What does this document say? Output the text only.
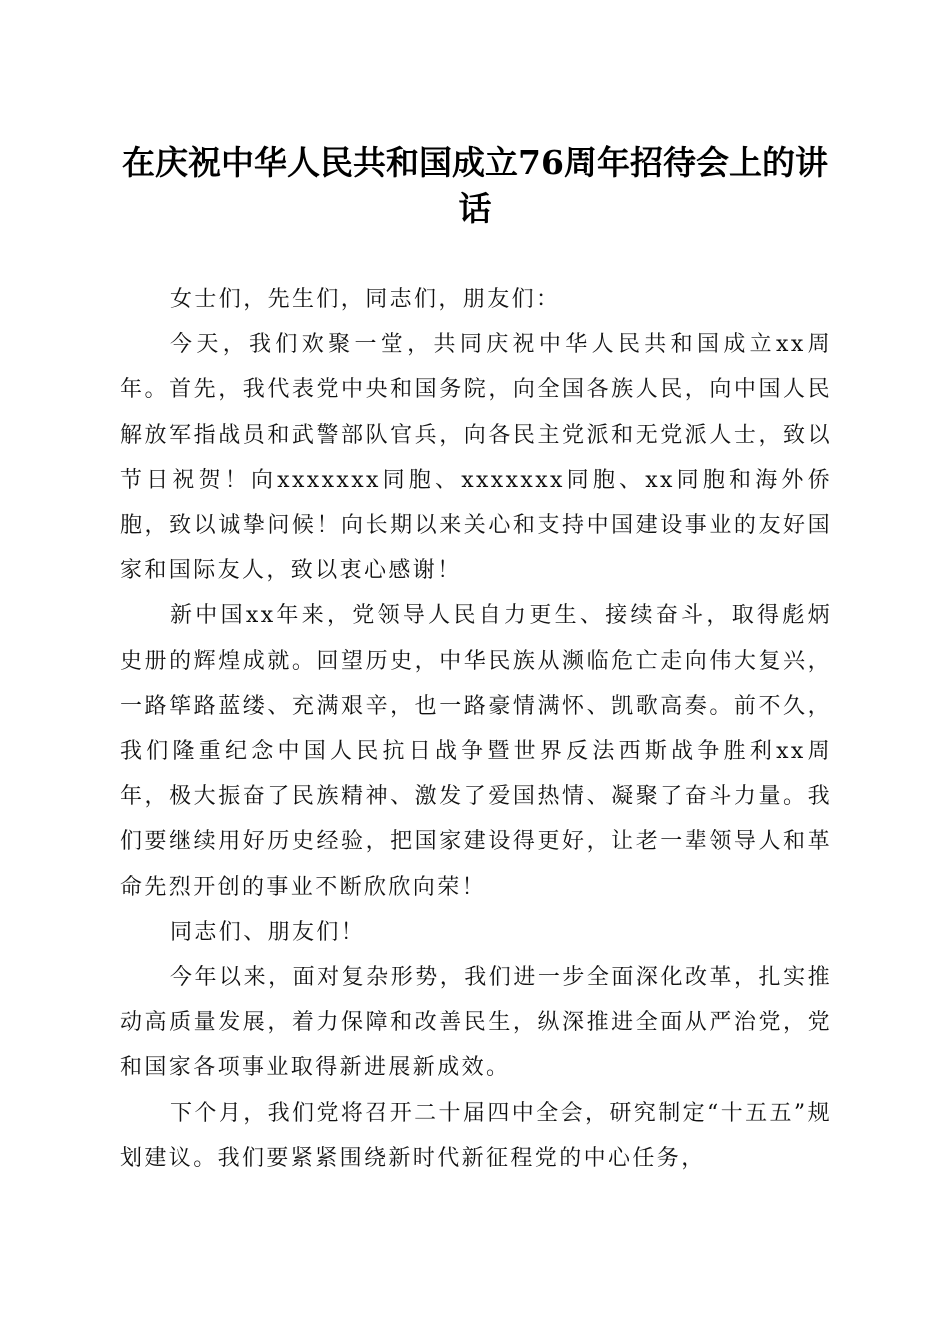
在庆祝中华人民共和国成立76周年招待会上的讲话

女士们，先生们，同志们，朋友们：

今天，我们欢聚一堂，共同庆祝中华人民共和国成立xx周年。首先，我代表党中央和国务院，向全国各族人民，向中国人民解放军指战员和武警部队官兵，向各民主党派和无党派人士，致以节日祝贺！向xxxxxxx同胞、xxxxxxx同胞、xx同胞和海外侨胞，致以诚挚问候！向长期以来关心和支持中国建设事业的友好国家和国际友人，致以衷心感谢！

新中国xx年来，党领导人民自力更生、接续奋斗，取得彪炳史册的辉煌成就。回望历史，中华民族从濒临危亡走向伟大复兴，一路筚路蓝缕、充满艰辛，也一路豪情满怀、凯歌高奏。前不久，我们隆重纪念中国人民抗日战争暨世界反法西斯战争胜利xx周年，极大振奋了民族精神、激发了爱国热情、凝聚了奋斗力量。我们要继续用好历史经验，把国家建设得更好，让老一辈领导人和革命先烈开创的事业不断欣欣向荣！

同志们、朋友们！

今年以来，面对复杂形势，我们进一步全面深化改革，扎实推动高质量发展，着力保障和改善民生，纵深推进全面从严治党，党和国家各项事业取得新进展新成效。

下个月，我们党将召开二十届四中全会，研究制定“十五五”规划建议。我们要紧紧围绕新时代新征程党的中心任务，
